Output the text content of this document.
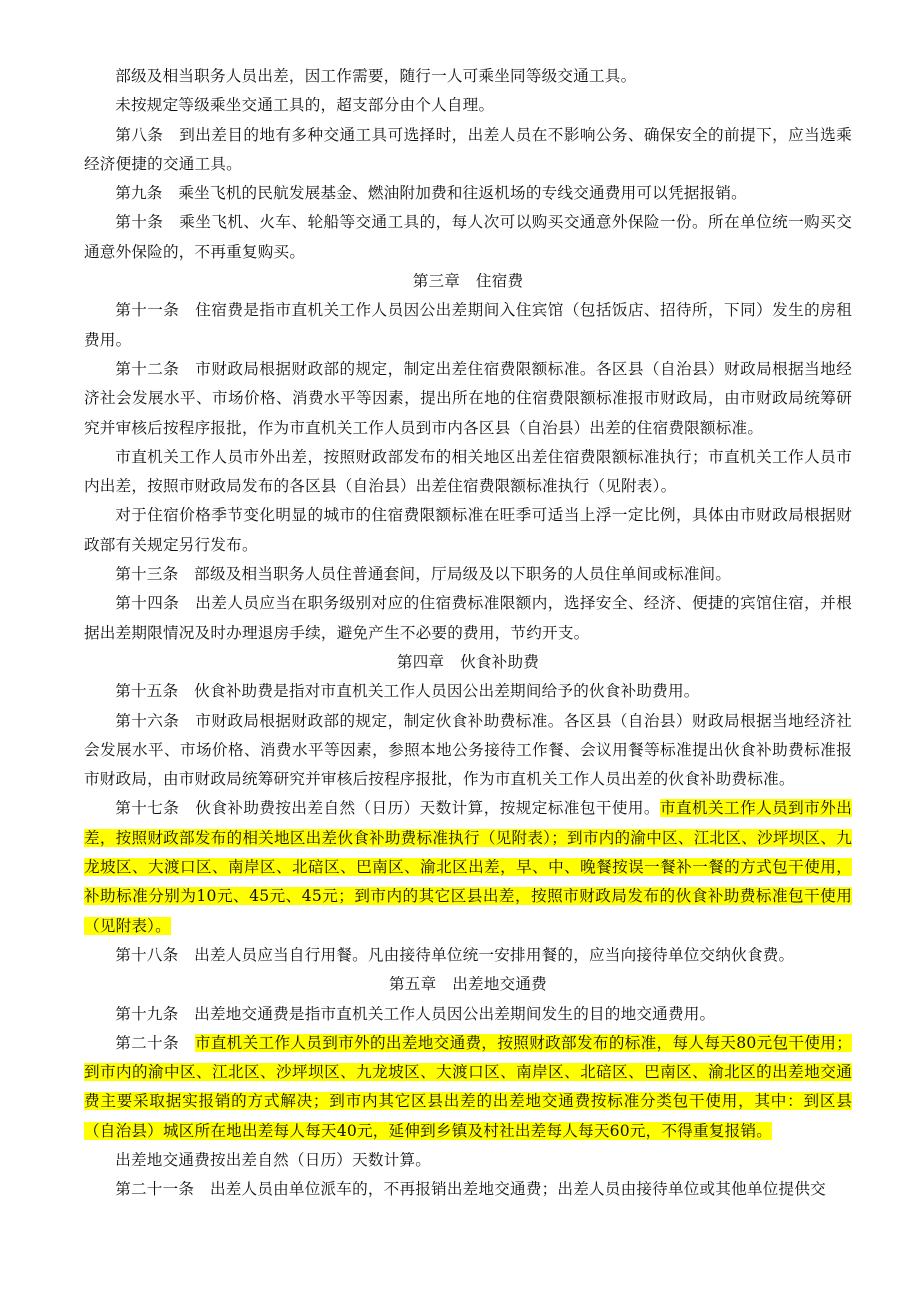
部级及相当职务人员出差，因工作需要，随行一人可乘坐同等级交通工具。

未按规定等级乘坐交通工具的，超支部分由个人自理。

第八条　到出差目的地有多种交通工具可选择时，出差人员在不影响公务、确保安全的前提下，应当选乘经济便捷的交通工具。

第九条　乘坐飞机的民航发展基金、燃油附加费和往返机场的专线交通费用可以凭据报销。

第十条　乘坐飞机、火车、轮船等交通工具的，每人次可以购买交通意外保险一份。所在单位统一购买交通意外保险的，不再重复购买。

第三章　住宿费

第十一条　住宿费是指市直机关工作人员因公出差期间入住宾馆（包括饭店、招待所，下同）发生的房租费用。

第十二条　市财政局根据财政部的规定，制定出差住宿费限额标准。各区县（自治县）财政局根据当地经济社会发展水平、市场价格、消费水平等因素，提出所在地的住宿费限额标准报市财政局，由市财政局统筹研究并审核后按程序报批，作为市直机关工作人员到市内各区县（自治县）出差的住宿费限额标准。

市直机关工作人员市外出差，按照财政部发布的相关地区出差住宿费限额标准执行；市直机关工作人员市内出差，按照市财政局发布的各区县（自治县）出差住宿费限额标准执行（见附表）。

对于住宿价格季节变化明显的城市的住宿费限额标准在旺季可适当上浮一定比例，具体由市财政局根据财政部有关规定另行发布。

第十三条　部级及相当职务人员住普通套间，厅局级及以下职务的人员住单间或标准间。

第十四条　出差人员应当在职务级别对应的住宿费标准限额内，选择安全、经济、便捷的宾馆住宿，并根据出差期限情况及时办理退房手续，避免产生不必要的费用，节约开支。

第四章　伙食补助费

第十五条　伙食补助费是指对市直机关工作人员因公出差期间给予的伙食补助费用。

第十六条　市财政局根据财政部的规定，制定伙食补助费标准。各区县（自治县）财政局根据当地经济社会发展水平、市场价格、消费水平等因素，参照本地公务接待工作餐、会议用餐等标准提出伙食补助费标准报市财政局，由市财政局统筹研究并审核后按程序报批，作为市直机关工作人员出差的伙食补助费标准。

第十七条　伙食补助费按出差自然（日历）天数计算，按规定标准包干使用。市直机关工作人员到市外出差，按照财政部发布的相关地区出差伙食补助费标准执行（见附表）；到市内的渝中区、江北区、沙坪坝区、九龙坡区、大渡口区、南岸区、北碚区、巴南区、渝北区出差，早、中、晚餐按误一餐补一餐的方式包干使用，补助标准分别为10元、45元、45元；到市内的其它区县出差，按照市财政局发布的伙食补助费标准包干使用（见附表）。

第十八条　出差人员应当自行用餐。凡由接待单位统一安排用餐的，应当向接待单位交纳伙食费。

第五章　出差地交通费

第十九条　出差地交通费是指市直机关工作人员因公出差期间发生的目的地交通费用。

第二十条　市直机关工作人员到市外的出差地交通费，按照财政部发布的标准，每人每天80元包干使用；到市内的渝中区、江北区、沙坪坝区、九龙坡区、大渡口区、南岸区、北碚区、巴南区、渝北区的出差地交通费主要采取据实报销的方式解决；到市内其它区县出差的出差地交通费按标准分类包干使用，其中：到区县（自治县）城区所在地出差每人每天40元，延伸到乡镇及村社出差每人每天60元，不得重复报销。

出差地交通费按出差自然（日历）天数计算。

第二十一条　出差人员由单位派车的，不再报销出差地交通费；出差人员由接待单位或其他单位提供交
